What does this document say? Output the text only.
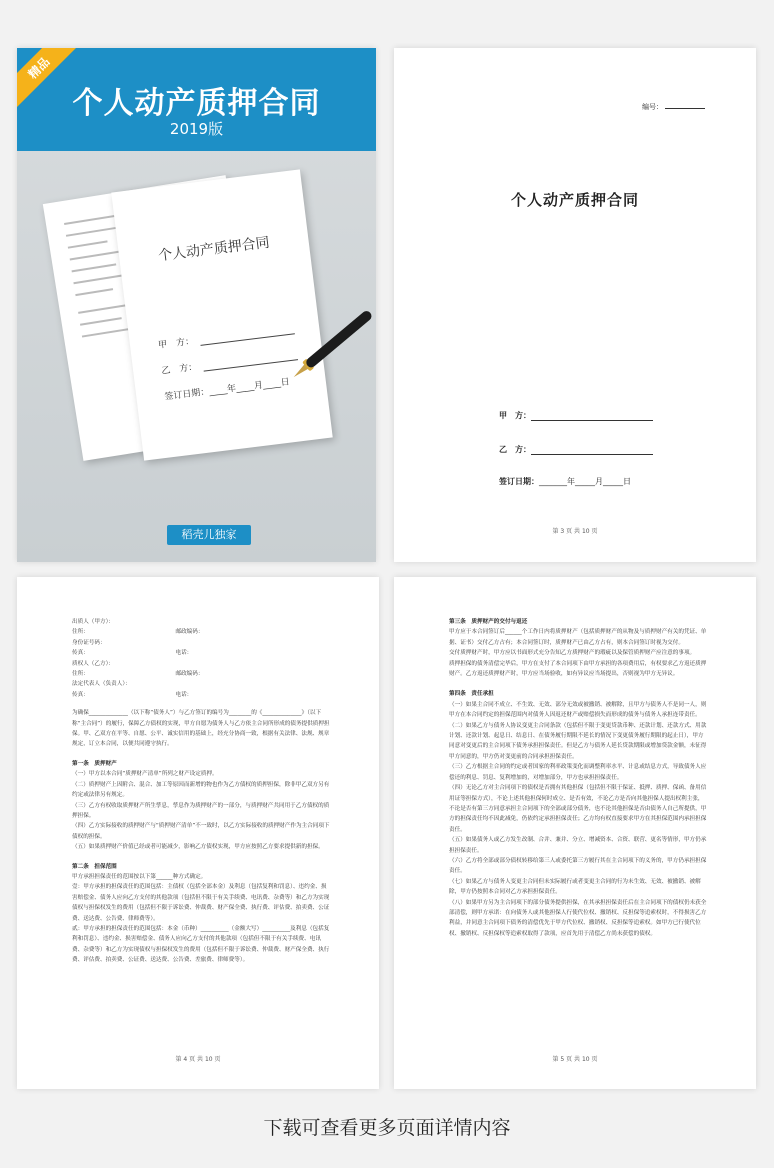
精品
个人动产质押合同
2019版
个人动产质押合同
甲　方：
乙　方：
签订日期：____年____月____日
稻壳儿独家
编号：
个人动产质押合同
甲　方：
乙　方：
签订日期：_______年_____月_____日
第 3 页 共 10 页

出质人（甲方）：

住所：　　　　　　　　　　　　　　　　邮政编码：

身份证号码：

传真：　　　　　　　　　　　　　　　　电话：

质权人（乙方）：

住所：　　　　　　　　　　　　　　　　邮政编码：

法定代表人（负责人）：

传真：　　　　　　　　　　　　　　　　电话：

为确保______________（以下称“债务人”）与乙方签订的编号为________的《______________》（以下称“主合同”）的履行，保障乙方债权的实现，甲方自愿为债务人与乙方依主合同所形成的债务提供质押担保。甲、乙双方在平等、自愿、公平、诚实信用的基础上，经充分协商一致，根据有关法律、法规、规章规定，订立本合同，以便共同遵守执行。

第一条　质押财产

（一）甲方以本合同“质押财产清单”所列之财产设定质押。

（二）质押财产上因附合、混合、加工等原因而新增的物也作为乙方债权的质押担保，除非甲乙双方另有约定或法律另有规定。

（三）乙方有权收取质押财产所生孳息，孳息作为质押财产的一部分，与质押财产共同用于乙方债权的质押担保。

（四）乙方实际接收的质押财产与“质押财产清单”不一致时，以乙方实际接收的质押财产作为主合同项下债权的担保。

（五）如果质押财产价值已经或者可能减少，影响乙方债权实现，甲方应按照乙方要求提供新的担保。

第二条　担保范围

甲方承担担保责任的范围按以下第______种方式确定。

壹：甲方承担的担保责任的范围包括：主债权（包括全部本金）及利息（包括复利和罚息）、违约金、损害赔偿金、债务人应向乙方支付的其他款项（包括但不限于有关手续费、电讯费、杂费等）和乙方为实现债权与担保权发生的费用（包括但不限于诉讼费、仲裁费、财产保全费、执行费、评估费、拍卖费、公证费、送达费、公告费、律师费等）。

贰：甲方承担的担保责任的范围包括：本金（币种）__________（金额大写）__________及利息（包括复利和罚息）、违约金、损害赔偿金、债务人应向乙方支付的其他款项（包括但不限于有关手续费、电讯费、杂费等）和乙方为实现债权与担保权发生的费用（包括但不限于诉讼费、仲裁费、财产保全费、执行费、评估费、拍卖费、公证费、送达费、公告费、差旅费、律师费等）。

第 4 页 共 10 页

第三条　质押财产的交付与返还

甲方应于本合同签订后______个工作日内将质押财产（包括质押财产的从物及与质押财产有关的凭证、单据、证书）交付乙方占有；本合同签订时，质押财产已由乙方占有，则本合同签订时视为交付。

交付质押财产时，甲方应以书面形式充分告知乙方质押财产的瑕疵以及保管质押财产应注意的事项。

质押担保的债务清偿完毕后，甲方在支付了本合同项下由甲方承担的各项费用后，有权要求乙方返还质押财产。乙方返还质押财产时，甲方应当场验收，如有异议应当场提出，否则视为甲方无异议。

第四条　责任承担

（一）如果主合同不成立、不生效、无效、部分无效或被撤销、被解除，且甲方与债务人不是同一人，则甲方在本合同约定的担保范围内对债务人因返还财产或赔偿损失而形成的债务与债务人承担连带责任。

（二）如果乙方与债务人协议变更主合同条款（包括但不限于变更贷款币种、还款计划、还款方式、用款计划、还款计划、起息日、结息日、在债务履行期限不延长的情况下变更债务履行期限的起止日），甲方同意对变更后的主合同项下债务承担担保责任。但是乙方与债务人延长贷款期限或增加贷款金额，未征得甲方同意的，甲方仍对变更前的合同承担担保责任。

（三）乙方根据主合同的约定或者国家的利率政策变化而调整利率水平、计息或结息方式，导致债务人应偿还的利息、罚息、复利增加的，对增加部分，甲方也承担担保责任。

（四）无论乙方对主合同项下的债权是否拥有其他担保（包括但不限于保证、抵押、质押、保函、备用信用证等担保方式），不论上述其他担保何时成立、是否有效，不论乙方是否向其他担保人提出权利主张，不论是否有第三方同意承担主合同项下的全部或部分债务，也不论其他担保是否由债务人自己所提供，甲方的担保责任均不因此减免，仍依约定承担担保责任；乙方均有权直接要求甲方在其担保范围内承担担保责任。

（五）如果债务人或乙方发生改制、合并、兼并、分立、增减资本、合资、联营、更名等情形，甲方仍承担担保责任。

（六）乙方将全部或部分债权转移给第三人或委托第三方履行其在主合同项下的义务的，甲方仍承担担保责任。

（七）如果乙方与债务人变更主合同但未实际履行或者变更主合同的行为未生效、无效、被撤销、被解除，甲方仍按照本合同对乙方承担担保责任。

（八）如果甲方另为主合同项下的部分债务提供担保，在其承担担保责任后在主合同项下的债权仍未获全部清偿，则甲方承诺：在向债务人或其他担保人行使代位权、撤销权、反担保等追索权时，不得损害乙方利益，并同意主合同项下债务的清偿优先于甲方代位权、撤销权、反担保等追索权。如甲方已行使代位权、撤销权、反担保权等追索权取得了款项，应首先用于清偿乙方尚未获偿的债权。

第 5 页 共 10 页
下载可查看更多页面详情内容
